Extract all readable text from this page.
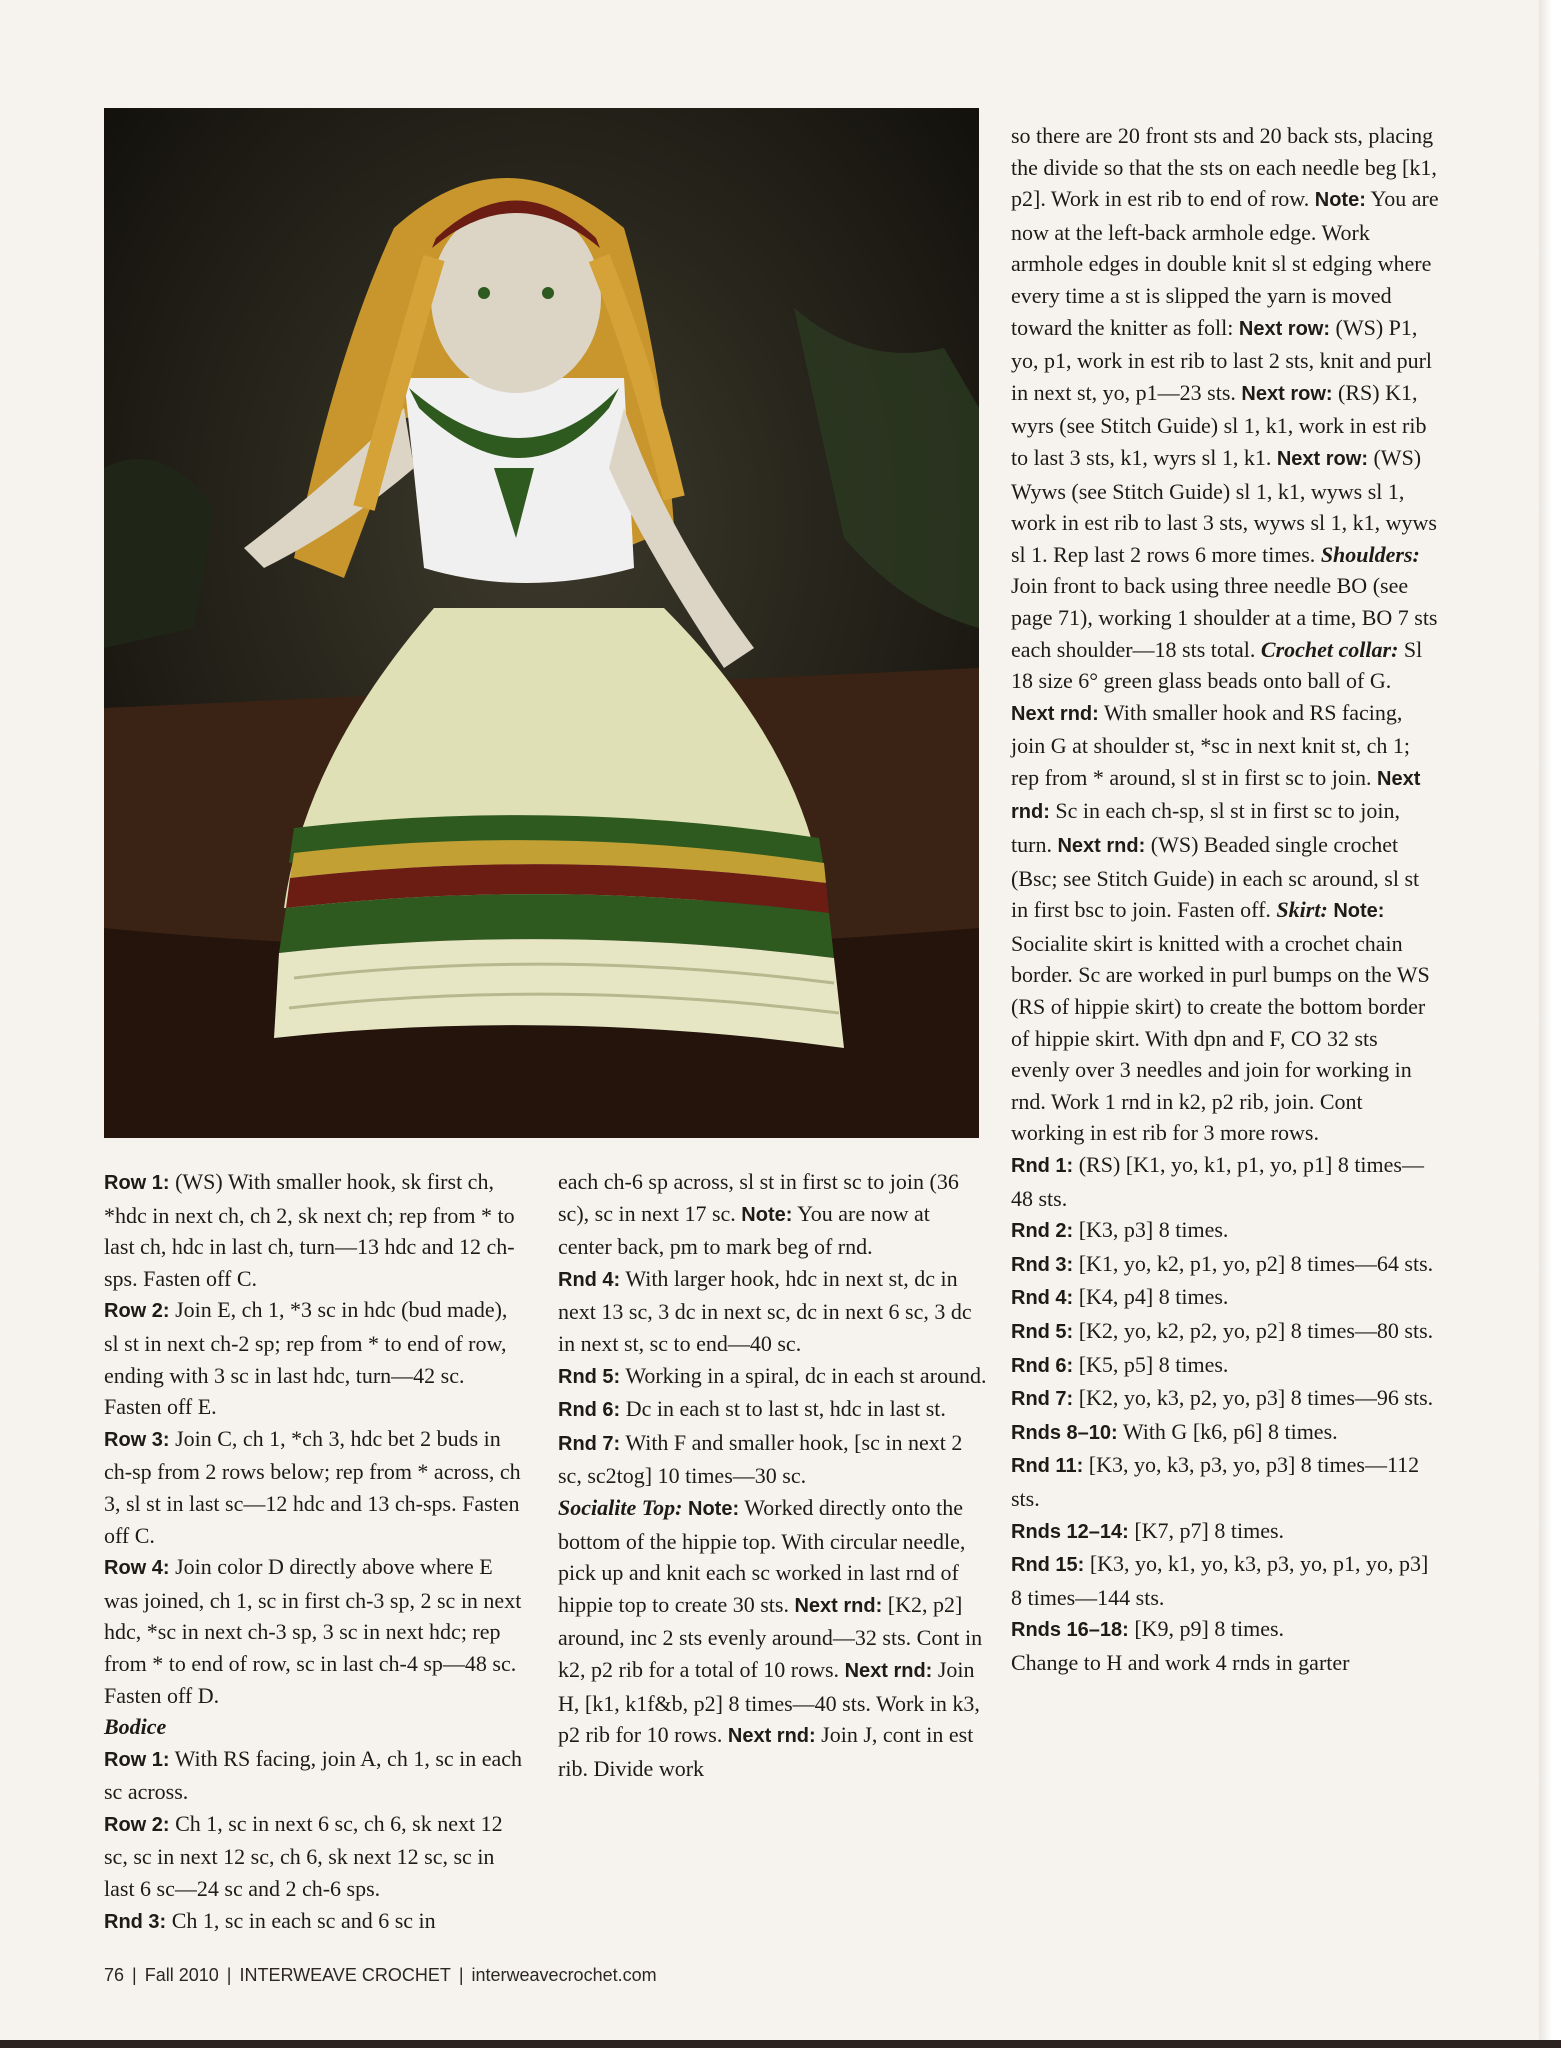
Row 1: (WS) With smaller hook, sk first ch, *hdc in next ch, ch 2, sk next ch; rep from * to last ch, hdc in last ch, turn—13 hdc and 12 ch-sps. Fasten off C.

Row 2: Join E, ch 1, *3 sc in hdc (bud made), sl st in next ch-2 sp; rep from * to end of row, ending with 3 sc in last hdc, turn—42 sc. Fasten off E.

Row 3: Join C, ch 1, *ch 3, hdc bet 2 buds in ch-sp from 2 rows below; rep from * across, ch 3, sl st in last sc—12 hdc and 13 ch-sps. Fasten off C.

Row 4: Join color D directly above where E was joined, ch 1, sc in first ch-3 sp, 2 sc in next hdc, *sc in next ch-3 sp, 3 sc in next hdc; rep from * to end of row, sc in last ch-4 sp—48 sc. Fasten off D.

Bodice

Row 1: With RS facing, join A, ch 1, sc in each sc across.

Row 2: Ch 1, sc in next 6 sc, ch 6, sk next 12 sc, sc in next 12 sc, ch 6, sk next 12 sc, sc in last 6 sc—24 sc and 2 ch-6 sps.

Rnd 3: Ch 1, sc in each sc and 6 sc in

each ch-6 sp across, sl st in first sc to join (36 sc), sc in next 17 sc. Note: You are now at center back, pm to mark beg of rnd.

Rnd 4: With larger hook, hdc in next st, dc in next 13 sc, 3 dc in next sc, dc in next 6 sc, 3 dc in next st, sc to end—40 sc.

Rnd 5: Working in a spiral, dc in each st around.

Rnd 6: Dc in each st to last st, hdc in last st.

Rnd 7: With F and smaller hook, [sc in next 2 sc, sc2tog] 10 times—30 sc.

Socialite Top: Note: Worked directly onto the bottom of the hippie top. With circular needle, pick up and knit each sc worked in last rnd of hippie top to create 30 sts. Next rnd: [K2, p2] around, inc 2 sts evenly around—32 sts. Cont in k2, p2 rib for a total of 10 rows. Next rnd: Join H, [k1, k1f&b, p2] 8 times—40 sts. Work in k3, p2 rib for 10 rows. Next rnd: Join J, cont in est rib. Divide work

so there are 20 front sts and 20 back sts, placing the divide so that the sts on each needle beg [k1, p2]. Work in est rib to end of row. Note: You are now at the left-back armhole edge. Work armhole edges in double knit sl st edging where every time a st is slipped the yarn is moved toward the knitter as foll: Next row: (WS) P1, yo, p1, work in est rib to last 2 sts, knit and purl in next st, yo, p1—23 sts. Next row: (RS) K1, wyrs (see Stitch Guide) sl 1, k1, work in est rib to last 3 sts, k1, wyrs sl 1, k1. Next row: (WS) Wyws (see Stitch Guide) sl 1, k1, wyws sl 1, work in est rib to last 3 sts, wyws sl 1, k1, wyws sl 1. Rep last 2 rows 6 more times. Shoulders: Join front to back using three needle BO (see page 71), working 1 shoulder at a time, BO 7 sts each shoulder—18 sts total. Crochet collar: Sl 18 size 6° green glass beads onto ball of G. Next rnd: With smaller hook and RS facing, join G at shoulder st, *sc in next knit st, ch 1; rep from * around, sl st in first sc to join. Next rnd: Sc in each ch-sp, sl st in first sc to join, turn. Next rnd: (WS) Beaded single crochet (Bsc; see Stitch Guide) in each sc around, sl st in first bsc to join. Fasten off. Skirt: Note: Socialite skirt is knitted with a crochet chain border. Sc are worked in purl bumps on the WS (RS of hippie skirt) to create the bottom border of hippie skirt. With dpn and F, CO 32 sts evenly over 3 needles and join for working in rnd. Work 1 rnd in k2, p2 rib, join. Cont working in est rib for 3 more rows.

Rnd 1: (RS) [K1, yo, k1, p1, yo, p1] 8 times—48 sts.

Rnd 2: [K3, p3] 8 times.

Rnd 3: [K1, yo, k2, p1, yo, p2] 8 times—64 sts.

Rnd 4: [K4, p4] 8 times.

Rnd 5: [K2, yo, k2, p2, yo, p2] 8 times—80 sts.

Rnd 6: [K5, p5] 8 times.

Rnd 7: [K2, yo, k3, p2, yo, p3] 8 times—96 sts.

Rnds 8–10: With G [k6, p6] 8 times.

Rnd 11: [K3, yo, k3, p3, yo, p3] 8 times—112 sts.

Rnds 12–14: [K7, p7] 8 times.

Rnd 15: [K3, yo, k1, yo, k3, p3, yo, p1, yo, p3] 8 times—144 sts.

Rnds 16–18: [K9, p9] 8 times.

Change to H and work 4 rnds in garter

76 | Fall 2010 | INTERWEAVE CROCHET | interweavecrochet.com
